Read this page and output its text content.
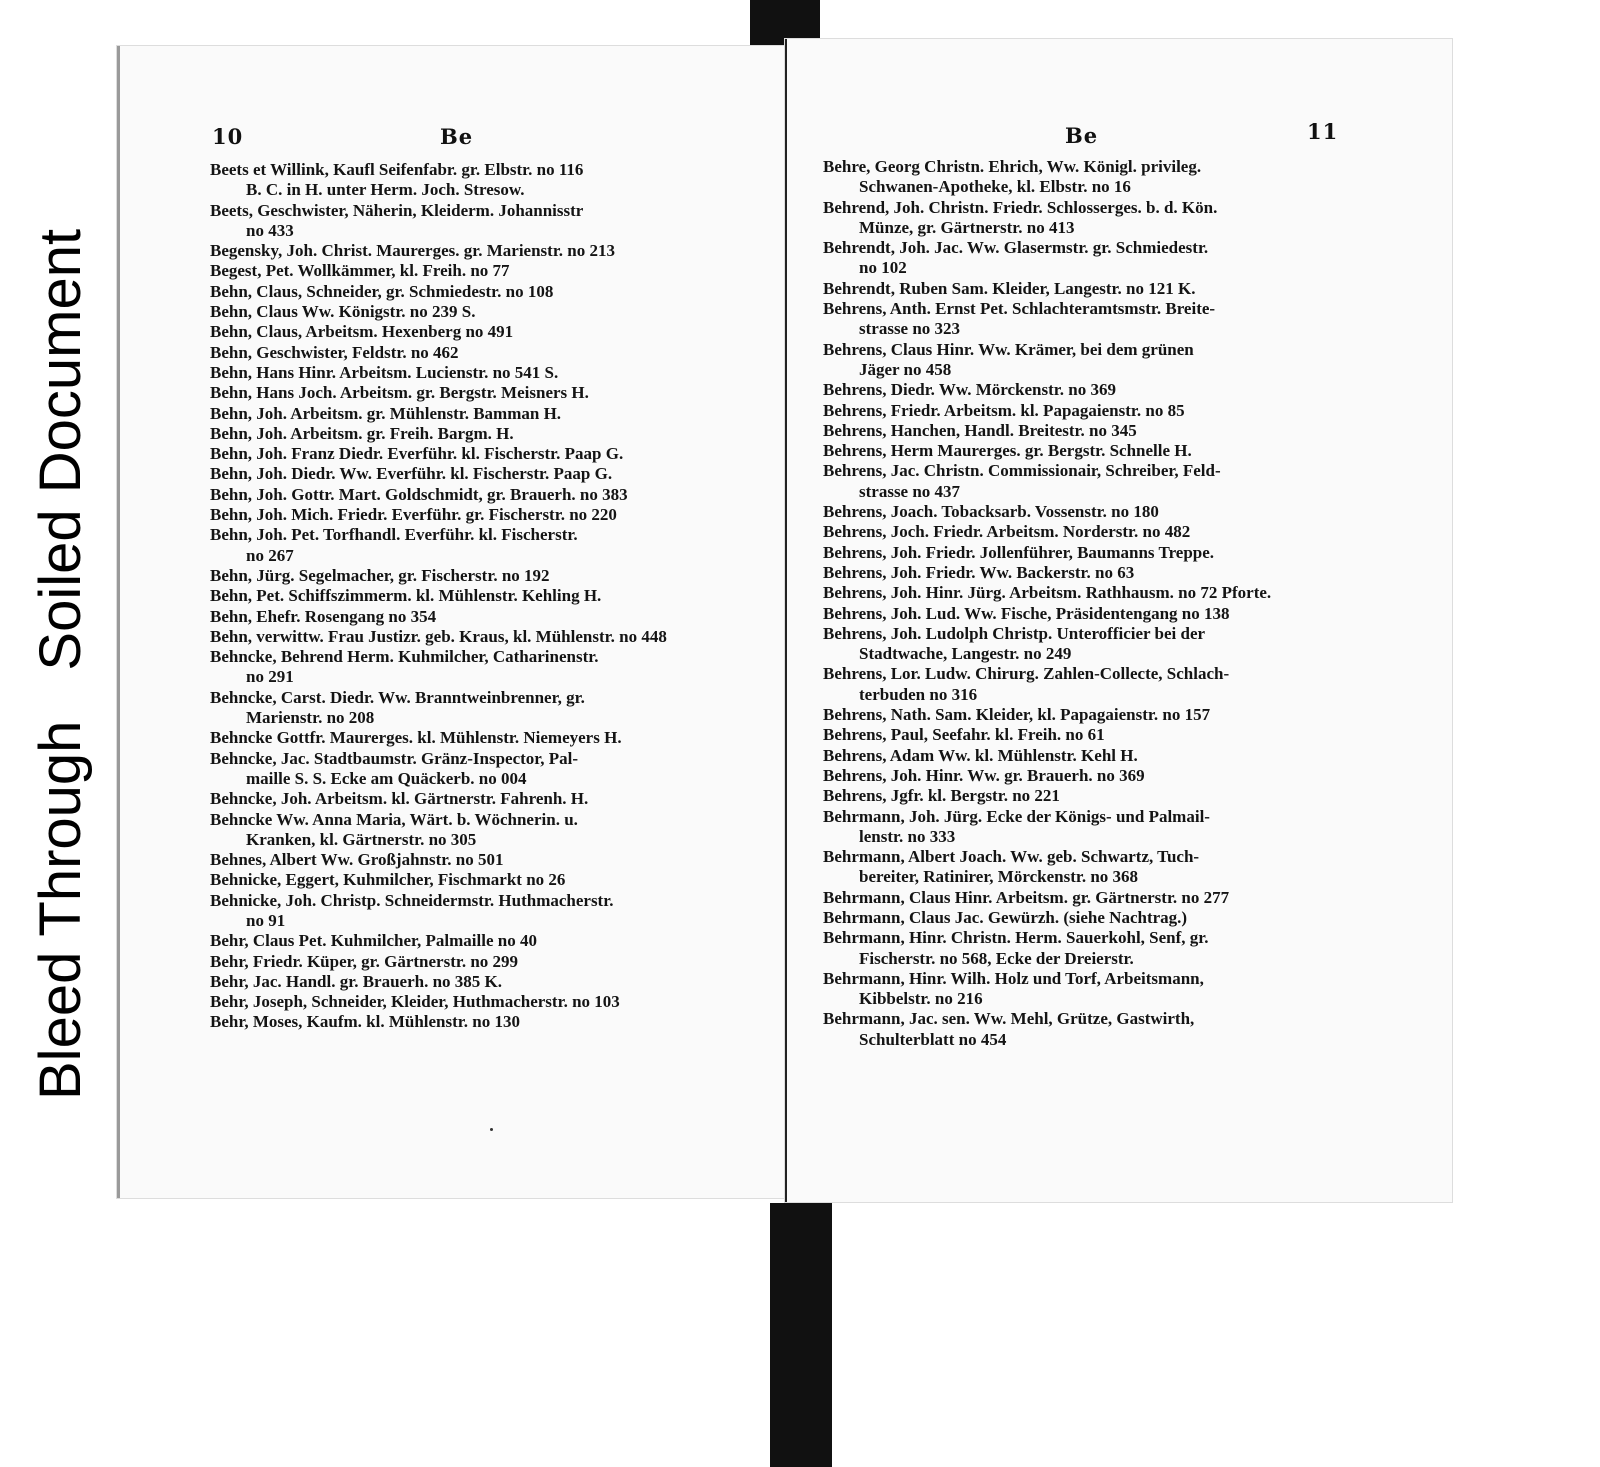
Bleed Through
Soiled Document
10	Be
Beets et Willink, Kaufl Seifenfabr. gr. Elbstr. no 116
B. C. in H. unter Herm. Joch. Stresow.
Beets, Geschwister, Näherin, Kleiderm. Johannisstr
no 433
Begensky, Joh. Christ. Maurerges. gr. Marienstr. no 213
Begest, Pet. Wollkämmer, kl. Freih. no 77
Behn, Claus, Schneider, gr. Schmiedestr. no 108
Behn, Claus Ww. Königstr. no 239 S.
Behn, Claus, Arbeitsm. Hexenberg no 491
Behn, Geschwister, Feldstr. no 462
Behn, Hans Hinr. Arbeitsm. Lucienstr. no 541 S.
Behn, Hans Joch. Arbeitsm. gr. Bergstr. Meisners H.
Behn, Joh. Arbeitsm. gr. Mühlenstr. Bamman H.
Behn, Joh. Arbeitsm. gr. Freih. Bargm. H.
Behn, Joh. Franz Diedr. Everführ. kl. Fischerstr. Paap G.
Behn, Joh. Diedr. Ww. Everführ. kl. Fischerstr. Paap G.
Behn, Joh. Gottr. Mart. Goldschmidt, gr. Brauerh. no 383
Behn, Joh. Mich. Friedr. Everführ. gr. Fischerstr. no 220
Behn, Joh. Pet. Torfhandl. Everführ. kl. Fischerstr.
no 267
Behn, Jürg. Segelmacher, gr. Fischerstr. no 192
Behn, Pet. Schiffszimmerm. kl. Mühlenstr. Kehling H.
Behn, Ehefr. Rosengang no 354
Behn, verwittw. Frau Justizr. geb. Kraus, kl. Mühlenstr. no 448
Behncke, Behrend Herm. Kuhmilcher, Catharinenstr.
no 291
Behncke, Carst. Diedr. Ww. Branntweinbrenner, gr.
Marienstr. no 208
Behncke Gottfr. Maurerges. kl. Mühlenstr. Niemeyers H.
Behncke, Jac. Stadtbaumstr. Gränz-Inspector, Pal-
maille S. S. Ecke am Quäckerb. no 004
Behncke, Joh. Arbeitsm. kl. Gärtnerstr. Fahrenh. H.
Behncke Ww. Anna Maria, Wärt. b. Wöchnerin. u.
Kranken, kl. Gärtnerstr. no 305
Behnes, Albert Ww. Großjahnstr. no 501
Behnicke, Eggert, Kuhmilcher, Fischmarkt no 26
Behnicke, Joh. Christp. Schneidermstr. Huthmacherstr.
no 91
Behr, Claus Pet. Kuhmilcher, Palmaille no 40
Behr, Friedr. Küper, gr. Gärtnerstr. no 299
Behr, Jac. Handl. gr. Brauerh. no 385 K.
Behr, Joseph, Schneider, Kleider, Huthmacherstr. no 103
Behr, Moses, Kaufm. kl. Mühlenstr. no 130
Be	11
Behre, Georg Christn. Ehrich, Ww. Königl. privileg.
Schwanen-Apotheke, kl. Elbstr. no 16
Behrend, Joh. Christn. Friedr. Schlosserges. b. d. Kön.
Münze, gr. Gärtnerstr. no 413
Behrendt, Joh. Jac. Ww. Glasermstr. gr. Schmiedestr.
no 102
Behrendt, Ruben Sam. Kleider, Langestr. no 121 K.
Behrens, Anth. Ernst Pet. Schlachteramtsmstr. Breite-
strasse no 323
Behrens, Claus Hinr. Ww. Krämer, bei dem grünen
Jäger no 458
Behrens, Diedr. Ww. Mörckenstr. no 369
Behrens, Friedr. Arbeitsm. kl. Papagaienstr. no 85
Behrens, Hanchen, Handl. Breitestr. no 345
Behrens, Herm Maurerges. gr. Bergstr. Schnelle H.
Behrens, Jac. Christn. Commissionair, Schreiber, Feld-
strasse no 437
Behrens, Joach. Tobacksarb. Vossenstr. no 180
Behrens, Joch. Friedr. Arbeitsm. Norderstr. no 482
Behrens, Joh. Friedr. Jollenführer, Baumanns Treppe.
Behrens, Joh. Friedr. Ww. Backerstr. no 63
Behrens, Joh. Hinr. Jürg. Arbeitsm. Rathhausm. no 72 Pforte.
Behrens, Joh. Lud. Ww. Fische, Präsidentengang no 138
Behrens, Joh. Ludolph Christp. Unterofficier bei der
Stadtwache, Langestr. no 249
Behrens, Lor. Ludw. Chirurg. Zahlen-Collecte, Schlach-
terbuden no 316
Behrens, Nath. Sam. Kleider, kl. Papagaienstr. no 157
Behrens, Paul, Seefahr. kl. Freih. no 61
Behrens, Adam Ww. kl. Mühlenstr. Kehl H.
Behrens, Joh. Hinr. Ww. gr. Brauerh. no 369
Behrens, Jgfr. kl. Bergstr. no 221
Behrmann, Joh. Jürg. Ecke der Königs- und Palmail-
lenstr. no 333
Behrmann, Albert Joach. Ww. geb. Schwartz, Tuch-
bereiter, Ratinirer, Mörckenstr. no 368
Behrmann, Claus Hinr. Arbeitsm. gr. Gärtnerstr. no 277
Behrmann, Claus Jac. Gewürzh. (siehe Nachtrag.)
Behrmann, Hinr. Christn. Herm. Sauerkohl, Senf, gr.
Fischerstr. no 568, Ecke der Dreierstr.
Behrmann, Hinr. Wilh. Holz und Torf, Arbeitsmann,
Kibbelstr. no 216
Behrmann, Jac. sen. Ww. Mehl, Grütze, Gastwirth,
Schulterblatt no 454
